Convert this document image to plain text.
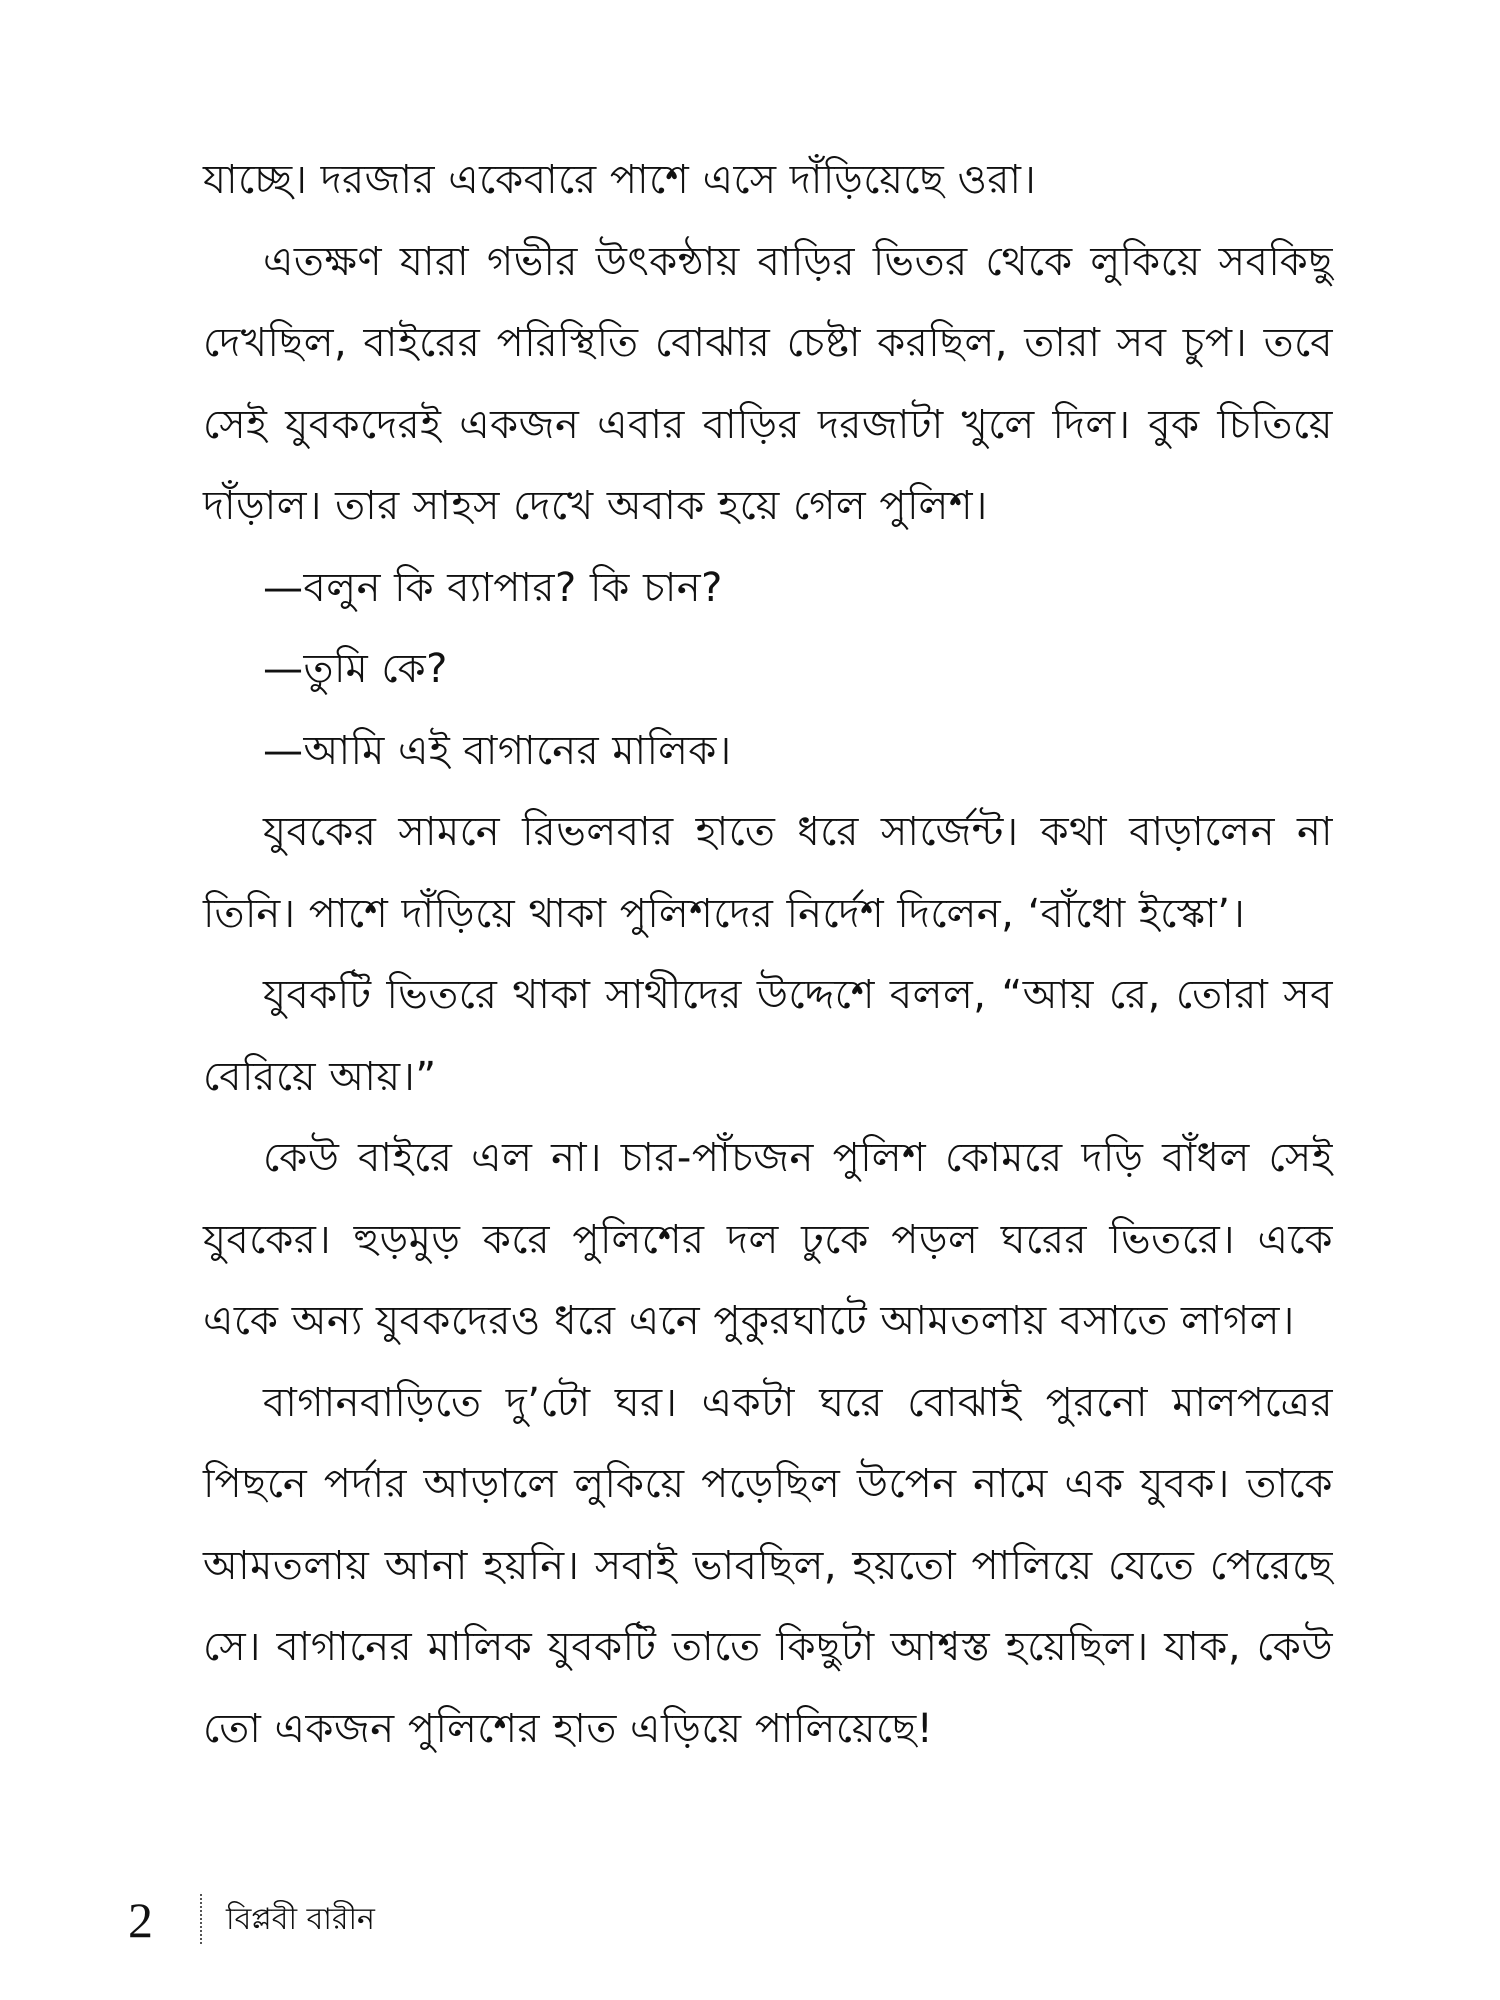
যাচ্ছে। দরজার একেবারে পাশে এসে দাঁড়িয়েছে ওরা।

এতক্ষণ যারা গভীর উৎকন্ঠায় বাড়ির ভিতর থেকে লুকিয়ে সবকিছু দেখছিল, বাইরের পরিস্থিতি বোঝার চেষ্টা করছিল, তারা সব চুপ। তবে সেই যুবকদেরই একজন এবার বাড়ির দরজাটা খুলে দিল। বুক চিতিয়ে দাঁড়াল। তার সাহস দেখে অবাক হয়ে গেল পুলিশ।

—বলুন কি ব্যাপার? কি চান?

—তুমি কে?

—আমি এই বাগানের মালিক।

যুবকের সামনে রিভলবার হাতে ধরে সার্জেন্ট। কথা বাড়ালেন না তিনি। পাশে দাঁড়িয়ে থাকা পুলিশদের নির্দেশ দিলেন, ‘বাঁধো ইস্কো’।

যুবকটি ভিতরে থাকা সাথীদের উদ্দেশে বলল, “আয় রে, তোরা সব বেরিয়ে আয়।”

কেউ বাইরে এল না। চার-পাঁচজন পুলিশ কোমরে দড়ি বাঁধল সেই যুবকের। হুড়মুড় করে পুলিশের দল ঢুকে পড়ল ঘরের ভিতরে। একে একে অন্য যুবকদেরও ধরে এনে পুকুরঘাটে আমতলায় বসাতে লাগল।

বাগানবাড়িতে দু’টো ঘর। একটা ঘরে বোঝাই পুরনো মালপত্রের পিছনে পর্দার আড়ালে লুকিয়ে পড়েছিল উপেন নামে এক যুবক। তাকে আমতলায় আনা হয়নি। সবাই ভাবছিল, হয়তো পালিয়ে যেতে পেরেছে সে। বাগানের মালিক যুবকটি তাতে কিছুটা আশ্বস্ত হয়েছিল। যাক, কেউ তো একজন পুলিশের হাত এড়িয়ে পালিয়েছে!

2 বিপ্লবী বারীন
